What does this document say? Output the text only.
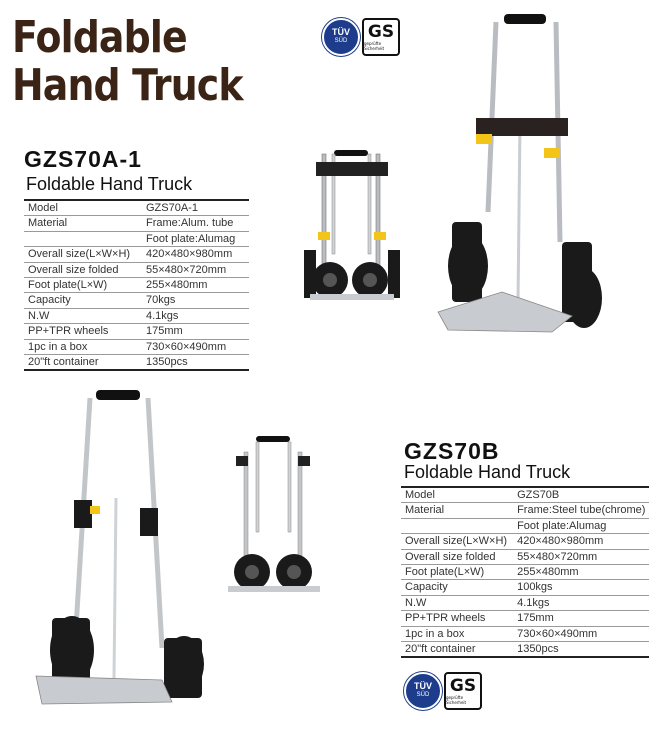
Foldable
Hand Truck
TÜV
SÜD GS
geprüfte Sicherheit
GZS70A-1
Foldable Hand Truck
Model	GZS70A-1
Material	Frame:Alum. tube
	Foot plate:Alumag
Overall size(L×W×H)	420×480×980mm
Overall size folded	55×480×720mm
Foot plate(L×W)	255×480mm
Capacity	70kgs
N.W	4.1kgs
PP+TPR wheels	175mm
1pc in a box	730×60×490mm
20"ft container	1350pcs
GZS70B
Foldable Hand Truck
Model	GZS70B
Material	Frame:Steel tube(chrome)
	Foot plate:Alumag
Overall size(L×W×H)	420×480×980mm
Overall size folded	55×480×720mm
Foot plate(L×W)	255×480mm
Capacity	100kgs
N.W	4.1kgs
PP+TPR wheels	175mm
1pc in a box	730×60×490mm
20"ft container	1350pcs
TÜV
SÜD GS
geprüfte Sicherheit
